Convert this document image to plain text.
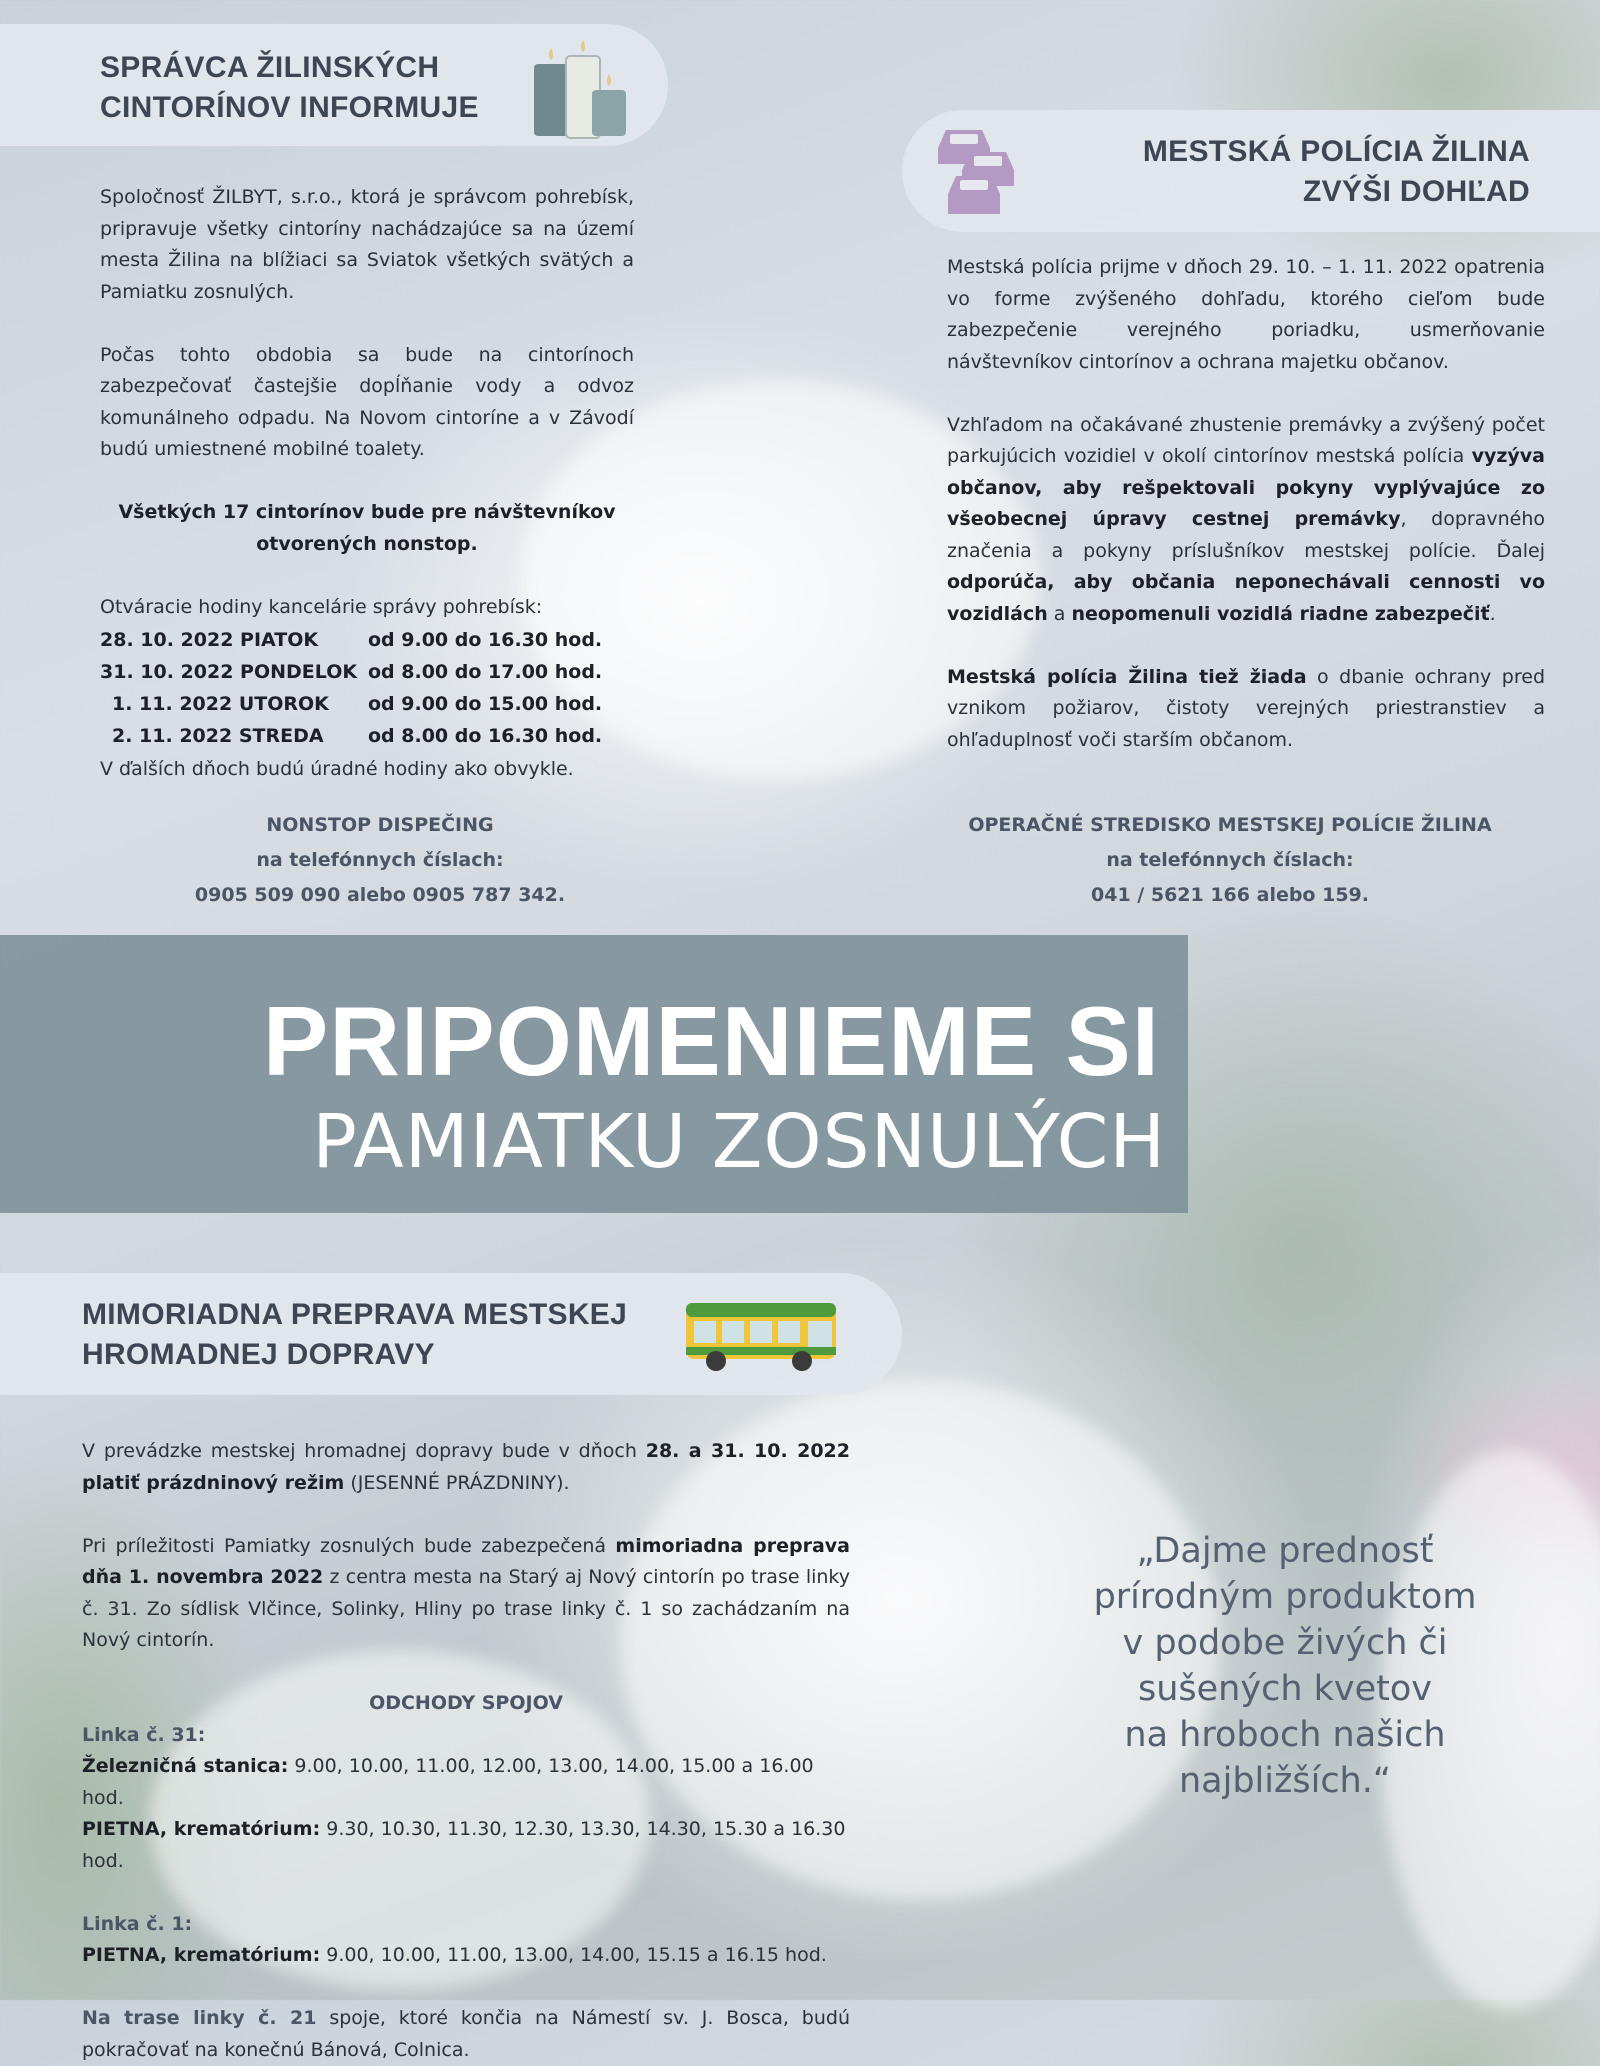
SPRÁVCA ŽILINSKÝCH
CINTORÍNOV INFORMUJE

Spoločnosť ŽILBYT, s.r.o., ktorá je správcom pohrebísk, pripravuje všetky cintoríny nachádzajúce sa na území mesta Žilina na blížiaci sa Sviatok všetkých svätých a Pamiatku zosnulých.

Počas tohto obdobia sa bude na cintorínoch zabezpečovať častejšie dopĺňanie vody a odvoz komunálneho odpadu. Na Novom cintoríne a v Závodí budú umiestnené mobilné toalety.

Všetkých 17 cintorínov bude pre návštevníkov
otvorených nonstop.

Otváracie hodiny kancelárie správy pohrebísk:

28. 10. 2022 PIATOK	od 9.00 do 16.30 hod.
31. 10. 2022 PONDELOK od 8.00 do 17.00 hod.
1. 11. 2022 UTOROK	od 9.00 do 15.00 hod.
2. 11. 2022 STREDA	od 8.00 do 16.30 hod.
V ďalších dňoch budú úradné hodiny ako obvykle.
NONSTOP DISPEČING
na telefónnych číslach:
0905 509 090 alebo 0905 787 342.
MESTSKÁ POLÍCIA ŽILINA
ZVÝŠI DOHĽAD

Mestská polícia prijme v dňoch 29. 10. – 1. 11. 2022 opatrenia vo forme zvýšeného dohľadu, ktorého cieľom bude zabezpečenie verejného poriadku, usmerňovanie návštevníkov cintorínov a ochrana majetku občanov.

Vzhľadom na očakávané zhustenie premávky a zvýšený počet parkujúcich vozidiel v okolí cintorínov mestská polícia vyzýva občanov, aby rešpektovali pokyny vyplývajúce zo všeobecnej úpravy cestnej premávky, dopravného značenia a pokyny príslušníkov mestskej polície. Ďalej odporúča, aby občania neponechávali cennosti vo vozidlách a neopomenuli vozidlá riadne zabezpečiť.

Mestská polícia Žilina tiež žiada o dbanie ochrany pred vznikom požiarov, čistoty verejných priestranstiev a ohľaduplnosť voči starším občanom.

OPERAČNÉ STREDISKO MESTSKEJ POLÍCIE ŽILINA
na telefónnych číslach:
041 / 5621 166 alebo 159.
PRIPOMENIEME SI
PAMIATKU ZOSNULÝCH
MIMORIADNA PREPRAVA MESTSKEJ
HROMADNEJ DOPRAVY

V prevádzke mestskej hromadnej dopravy bude v dňoch 28. a 31. 10. 2022 platiť prázdninový režim (JESENNÉ PRÁZDNINY).

Pri príležitosti Pamiatky zosnulých bude zabezpečená mimoriadna preprava dňa 1. novembra 2022 z centra mesta na Starý aj Nový cintorín po trase linky č. 31. Zo sídlisk Vlčince, Solinky, Hliny po trase linky č. 1 so zachádzaním na Nový cintorín.

ODCHODY SPOJOV

Linka č. 31:

Železničná stanica: 9.00, 10.00, 11.00, 12.00, 13.00, 14.00, 15.00 a 16.00 hod.

PIETNA, krematórium: 9.30, 10.30, 11.30, 12.30, 13.30, 14.30, 15.30 a 16.30 hod.

Linka č. 1:

PIETNA, krematórium: 9.00, 10.00, 11.00, 13.00, 14.00, 15.15 a 16.15 hod.

Na trase linky č. 21 spoje, ktoré končia na Námestí sv. J. Bosca, budú pokračovať na konečnú Bánová, Colnica.

„Dajme prednosť
prírodným produktom
v podobe živých či
sušených kvetov
na hroboch našich
najbližších.“
